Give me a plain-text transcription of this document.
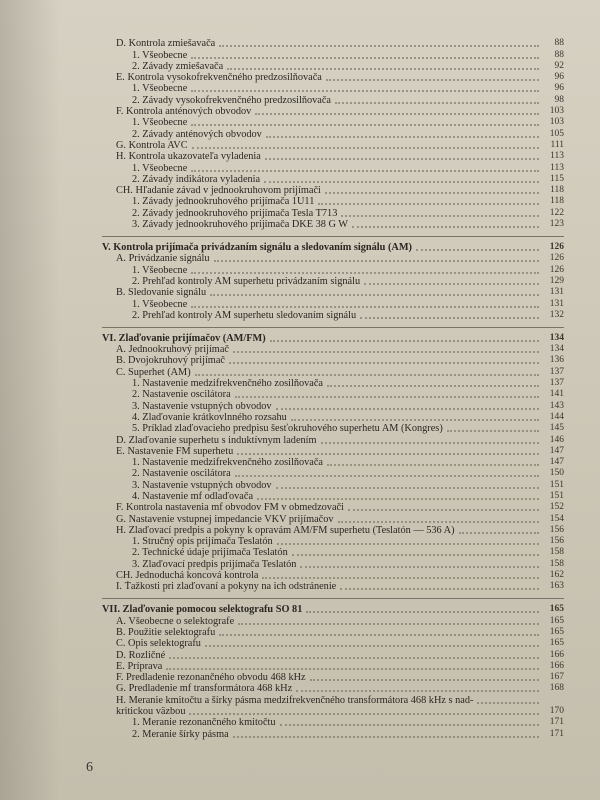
D. Kontrola zmiešavača	88
1. Všeobecne	88
2. Závady zmiešavača	92
E. Kontrola vysokofrekvenčného predzosilňovača	96
1. Všeobecne	96
2. Závady vysokofrekvenčného predzosilňovača	98
F. Kontrola anténových obvodov	103
1. Všeobecne	103
2. Závady anténových obvodov	105
G. Kontrola AVC	111
H. Kontrola ukazovateľa vyladenia	113
1. Všeobecne	113
2. Závady indikátora vyladenia	115
CH. Hľadanie závad v jednookruhovom prijímači	118
1. Závady jednookruhového prijímača 1U11	118
2. Závady jednookruhového prijímača Tesla T713	122
3. Závady jednookruhového prijímača DKE 38 G W	123
V. Kontrola prijímača privádzaním signálu a sledovaním signálu (AM)	126
A. Privádzanie signálu	126
1. Všeobecne	126
2. Prehľad kontroly AM superhetu privádzaním signálu	129
B. Sledovanie signálu	131
1. Všeobecne	131
2. Prehľad kontroly AM superhetu sledovaním signálu	132
VI. Zlaďovanie prijímačov (AM/FM)	134
A. Jednookruhový prijímač	134
B. Dvojokruhový prijímač	136
C. Superhet (AM)	137
1. Nastavenie medzifrekvenčného zosilňovača	137
2. Nastavenie oscilátora	141
3. Nastavenie vstupných obvodov	143
4. Zlaďovanie krátkovlnného rozsahu	144
5. Príklad zlaďovacieho predpisu šesťokruhového superhetu AM (Kongres)	145
D. Zlaďovanie superhetu s induktívnym ladením	146
E. Nastavenie FM superhetu	147
1. Nastavenie medzifrekvenčného zosilňovača	147
2. Nastavenie oscilátora	150
3. Nastavenie vstupných obvodov	151
4. Nastavenie mf odlaďovača	151
F. Kontrola nastavenia mf obvodov FM v obmedzovači	152
G. Nastavenie vstupnej impedancie VKV prijímačov	154
H. Zlaďovací predpis a pokyny k opravám AM/FM superhetu (Teslatón — 536 A)	156
1. Stručný opis prijímača Teslatón	156
2. Technické údaje prijímača Teslatón	158
3. Zlaďovací predpis prijímača Teslatón	158
CH. Jednoduchá koncová kontrola	162
I. Ťažkosti pri zlaďovaní a pokyny na ich odstránenie	163
VII. Zlaďovanie pomocou selektografu SO 81	165
A. Všeobecne o selektografe	165
B. Použitie selektografu	165
C. Opis selektografu	165
D. Rozličné	166
E. Príprava	166
F. Predladenie rezonančného obvodu 468 kHz	167
G. Predladenie mf transformátora 468 kHz	168
H. Meranie kmitočtu a šírky pásma medzifrekvenčného transformátora 468 kHz s nad-
kritickou väzbou	170
1. Meranie rezonančného kmitočtu	171
2. Meranie šírky pásma	171
6
